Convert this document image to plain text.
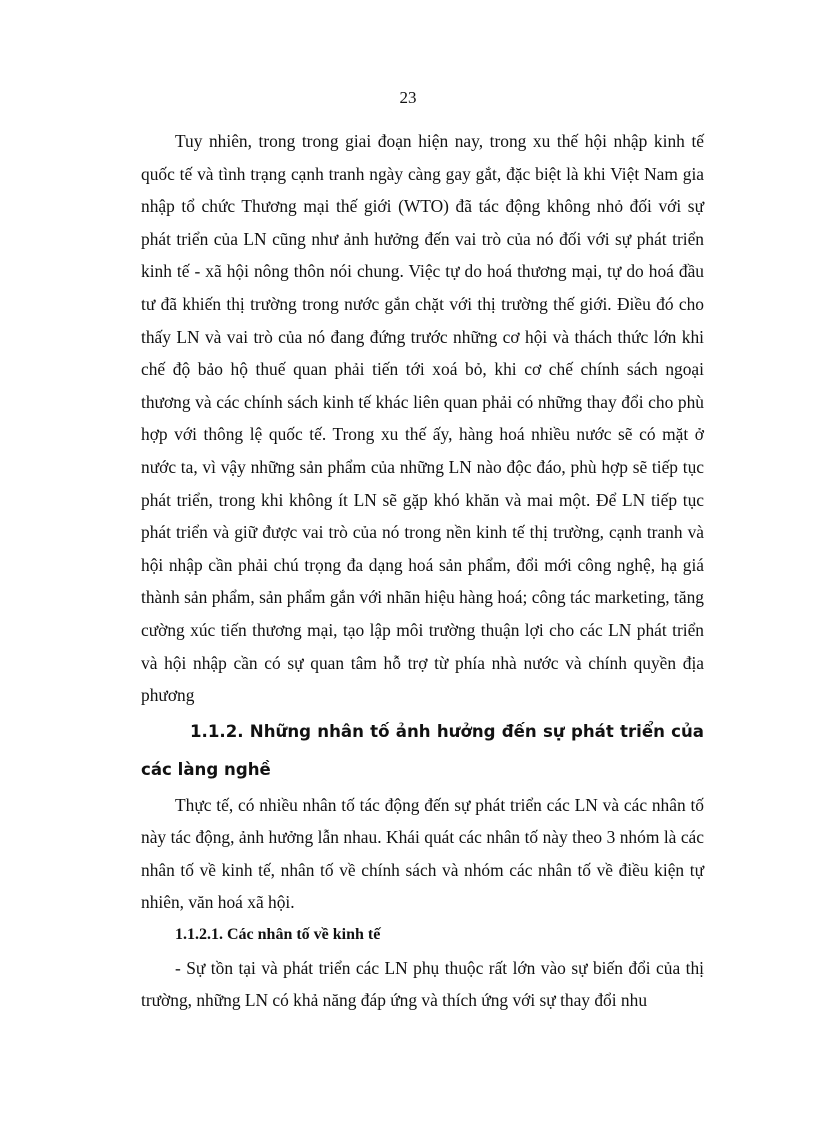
23

Tuy nhiên, trong trong giai đoạn hiện nay, trong xu thế hội nhập kinh tế quốc tế và tình trạng cạnh tranh ngày càng gay gắt, đặc biệt là khi Việt Nam gia nhập tổ chức Thương mại thế giới (WTO) đã tác động không nhỏ đối với sự phát triển của LN cũng như ảnh hưởng đến vai trò của nó đối với sự phát triển kinh tế - xã hội nông thôn nói chung. Việc tự do hoá thương mại, tự do hoá đầu tư đã khiến thị trường trong nước gắn chặt với thị trường thế giới. Điều đó cho thấy LN và vai trò của nó đang đứng trước những cơ hội và thách thức lớn khi chế độ bảo hộ thuế quan phải tiến tới xoá bỏ, khi cơ chế chính sách ngoại thương và các chính sách kinh tế khác liên quan phải có những thay đổi cho phù hợp với thông lệ quốc tế. Trong xu thế ấy, hàng hoá nhiều nước sẽ có mặt ở nước ta, vì vậy những sản phẩm của những LN nào độc đáo, phù hợp sẽ tiếp tục phát triển, trong khi không ít LN sẽ gặp khó khăn và mai một. Để LN tiếp tục phát triển và giữ được vai trò của nó trong nền kinh tế thị trường, cạnh tranh và hội nhập cần phải chú trọng đa dạng hoá sản phẩm, đổi mới công nghệ, hạ giá thành sản phẩm, sản phẩm gắn với nhãn hiệu hàng hoá; công tác marketing, tăng cường xúc tiến thương mại, tạo lập môi trường thuận lợi cho các LN phát triển và hội nhập cần có sự quan tâm hỗ trợ từ phía nhà nước và chính quyền địa phương

1.1.2. Những nhân tố ảnh hưởng đến sự phát triển của các làng nghề

Thực tế, có nhiều nhân tố tác động đến sự phát triển các LN và các nhân tố này tác động, ảnh hưởng lẫn nhau. Khái quát các nhân tố này theo 3 nhóm là các nhân tố về kinh tế, nhân tố về chính sách và nhóm các nhân tố về điều kiện tự nhiên, văn hoá xã hội.

1.1.2.1. Các nhân tố về kinh tế

- Sự tồn tại và phát triển các LN phụ thuộc rất lớn vào sự biến đổi của thị trường, những LN có khả năng đáp ứng và thích ứng với sự thay đổi nhu
